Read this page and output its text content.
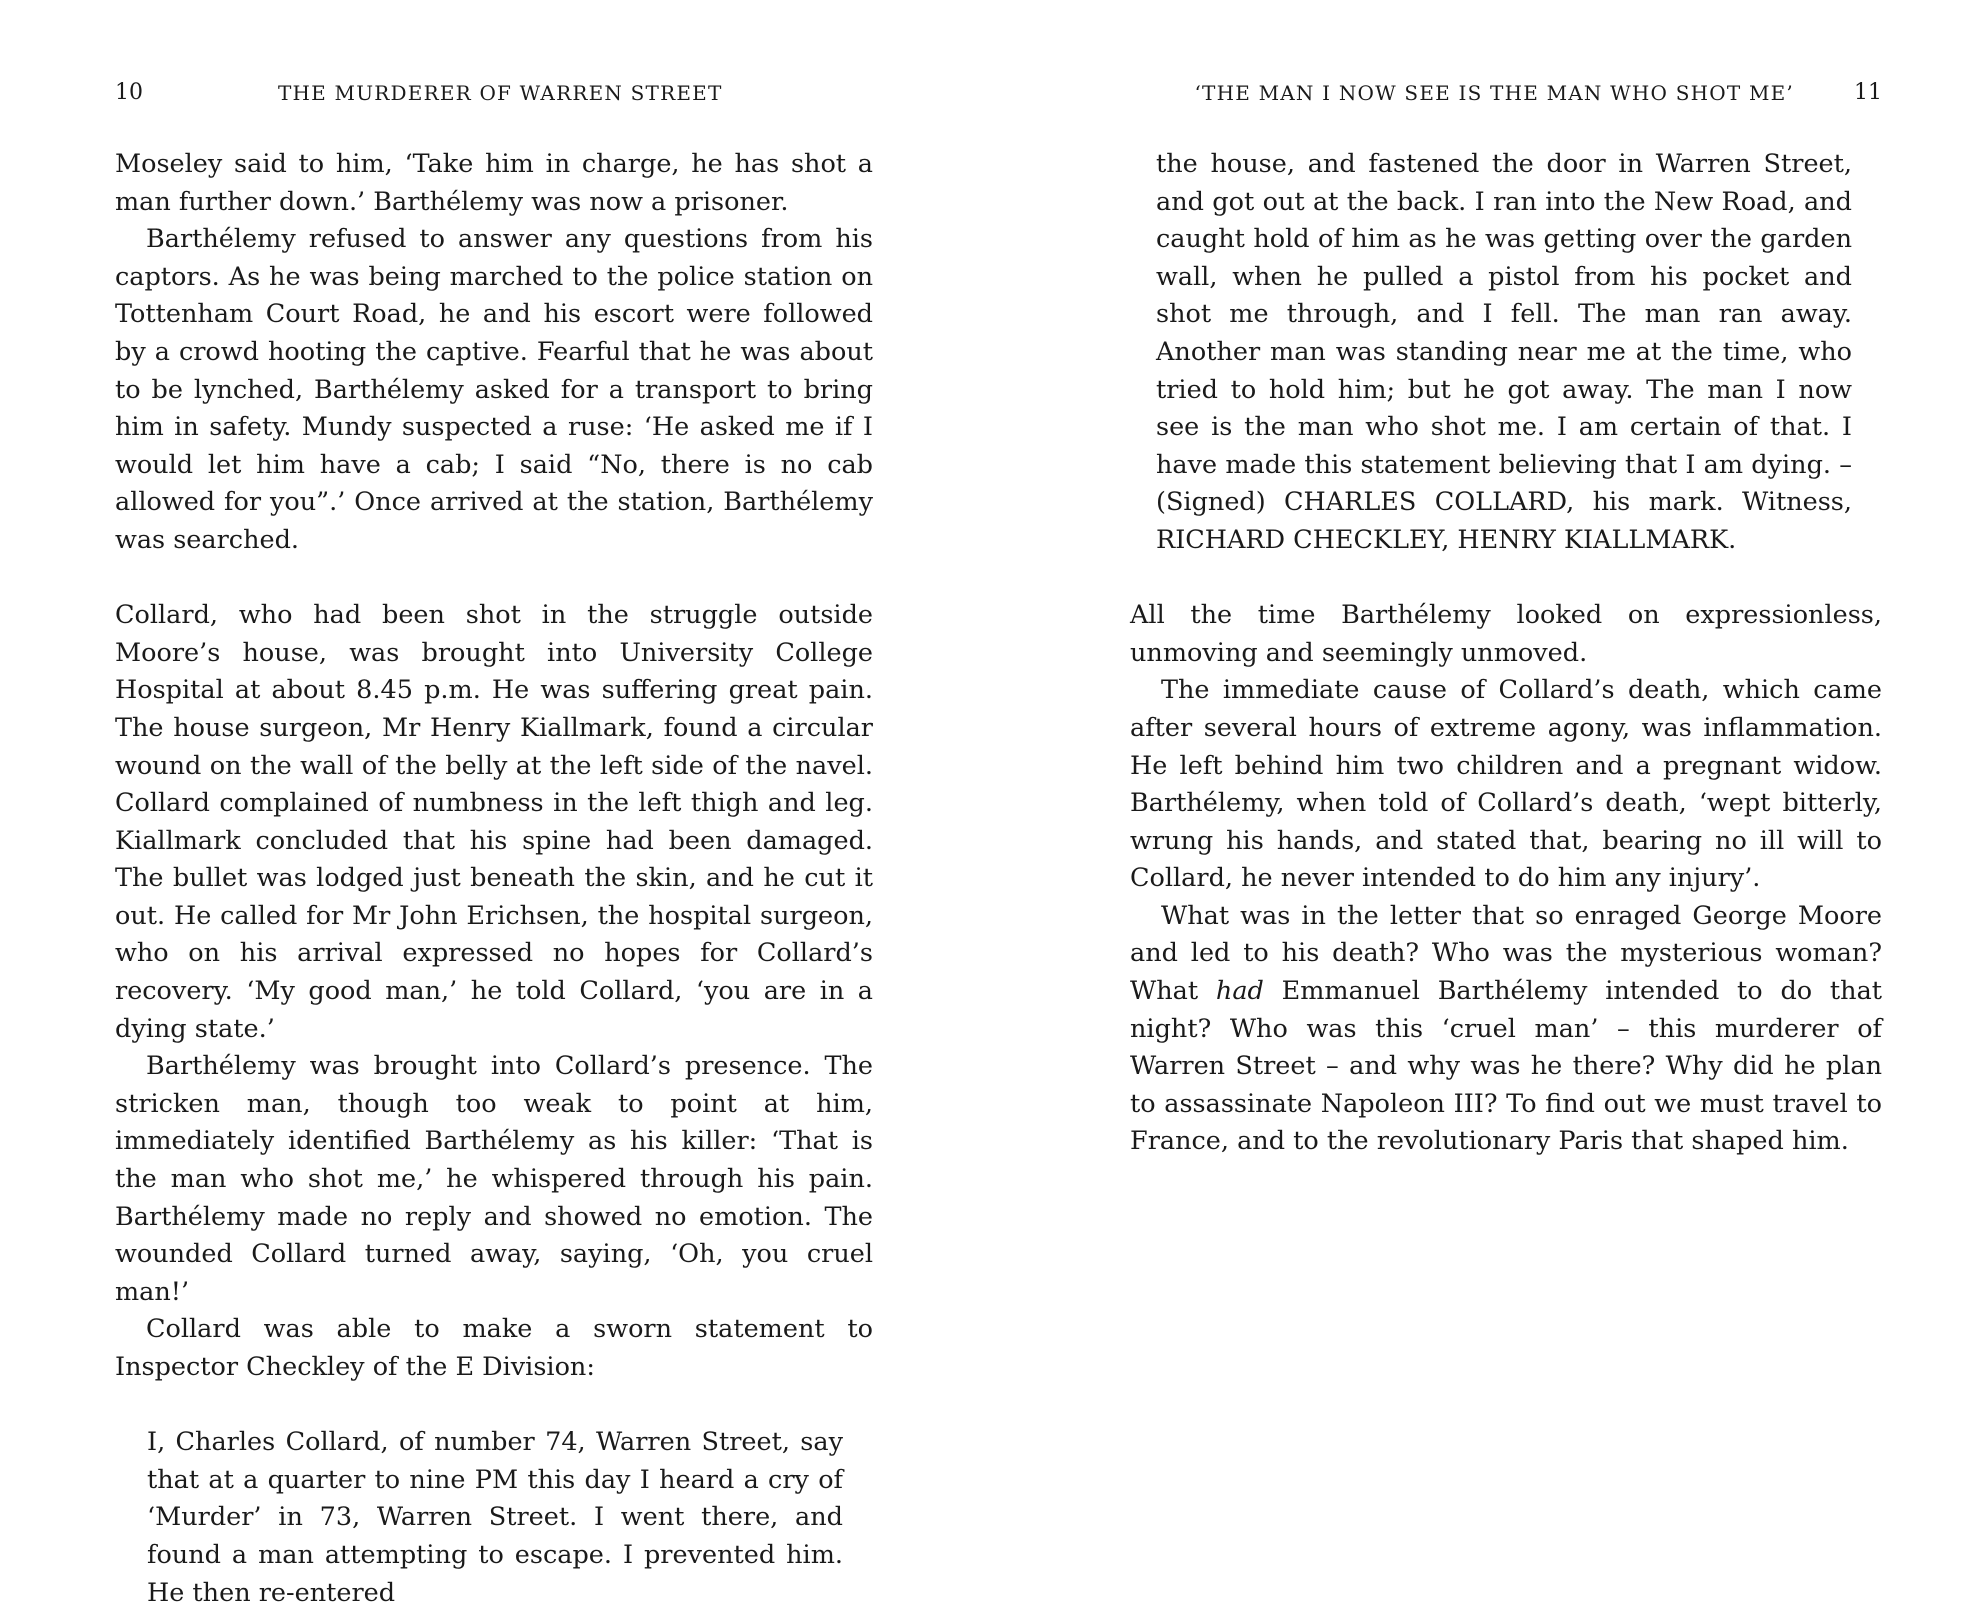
10	THE MURDERER OF WARREN STREET

Moseley said to him, ‘Take him in charge, he has shot a man further down.’ Barthélemy was now a prisoner.

Barthélemy refused to answer any questions from his captors. As he was being marched to the police station on Tottenham Court Road, he and his escort were followed by a crowd hooting the captive. Fearful that he was about to be lynched, Barthélemy asked for a transport to bring him in safety. Mundy suspected a ruse: ‘He asked me if I would let him have a cab; I said “No, there is no cab allowed for you”.’ Once arrived at the station, Barthélemy was searched.

Collard, who had been shot in the struggle outside Moore’s house, was brought into University College Hospital at about 8.45 p.m. He was suffering great pain. The house surgeon, Mr Henry Kiallmark, found a circular wound on the wall of the belly at the left side of the navel. Collard complained of numbness in the left thigh and leg. Kiallmark concluded that his spine had been damaged. The bullet was lodged just beneath the skin, and he cut it out. He called for Mr John Erichsen, the hospital surgeon, who on his arrival expressed no hopes for Collard’s recovery. ‘My good man,’ he told Collard, ‘you are in a dying state.’

Barthélemy was brought into Collard’s presence. The stricken man, though too weak to point at him, immediately identified Barthélemy as his killer: ‘That is the man who shot me,’ he whispered through his pain. Barthélemy made no reply and showed no emotion. The wounded Collard turned away, saying, ‘Oh, you cruel man!’

Collard was able to make a sworn statement to Inspector Checkley of the E Division:

I, Charles Collard, of number 74, Warren Street, say that at a quarter to nine PM this day I heard a cry of ‘Murder’ in 73, Warren Street. I went there, and found a man attempting to escape. I prevented him. He then re-entered

‘THE MAN I NOW SEE IS THE MAN WHO SHOT ME’	11

the house, and fastened the door in Warren Street, and got out at the back. I ran into the New Road, and caught hold of him as he was getting over the garden wall, when he pulled a pistol from his pocket and shot me through, and I fell. The man ran away. Another man was standing near me at the time, who tried to hold him; but he got away. The man I now see is the man who shot me. I am certain of that. I have made this statement believing that I am dying. – (Signed) CHARLES COLLARD, his mark. Witness, RICHARD CHECKLEY, HENRY KIALLMARK.

All the time Barthélemy looked on expressionless, unmoving and seemingly unmoved.

The immediate cause of Collard’s death, which came after several hours of extreme agony, was inflammation. He left behind him two children and a pregnant widow. Barthélemy, when told of Collard’s death, ‘wept bitterly, wrung his hands, and stated that, bearing no ill will to Collard, he never intended to do him any injury’.

What was in the letter that so enraged George Moore and led to his death? Who was the mysterious woman? What had Emmanuel Barthélemy intended to do that night? Who was this ‘cruel man’ – this murderer of Warren Street – and why was he there? Why did he plan to assassinate Napoleon III? To find out we must travel to France, and to the revolutionary Paris that shaped him.
